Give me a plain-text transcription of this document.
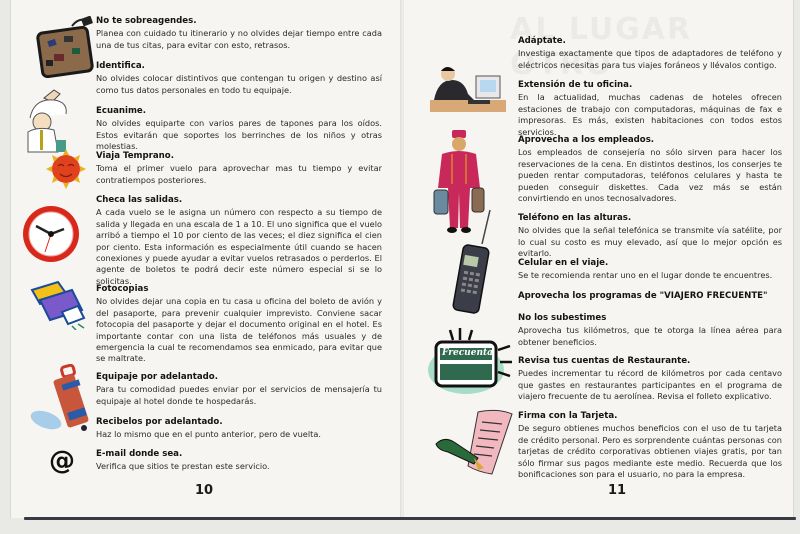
@
Frecuenta
No te sobreagendes.
Planea con cuidado tu itinerario y no olvides dejar tiempo entre cada una de tus citas, para evitar con esto, retrasos.
Identifica.
No olvides colocar distintivos que contengan tu origen y destino así como tus datos personales en todo tu equipaje.
Ecuanime.
No olvides equiparte con varios pares de tapones para los oídos. Estos evitarán que soportes los berrinches de los niños y otras molestias.
Viaja Temprano.
Toma el primer vuelo para aprovechar mas tu tiempo y evitar contratiempos posteriores.
Checa las salidas.
A cada vuelo se le asigna un número con respecto a su tiempo de salida y llegada en una escala de 1 a 10. El uno significa que el vuelo arribó a tiempo el 10 por ciento de las veces; el diez significa el cien por ciento. Esta información es especialmente útil cuando se hacen conexiones y puede ayudar a evitar vuelos retrasados o perderlos. El agente de boletos te podrá decir este número especial si se lo solicitas.
Fotocopias
No olvides dejar una copia en tu casa u oficina del boleto de avión y del pasaporte, para prevenir cualquier imprevisto. Conviene sacar fotocopia del pasaporte y dejar el documento original en el hotel. Es importante contar con una lista de teléfonos más usuales y de emergencia la cual te recomendamos sea enmicado, para evitar que se maltrate.
Equipaje por adelantado.
Para tu comodidad puedes enviar por el servicios de mensajería tu equipaje al hotel donde te hospedarás.
Recibelos por adelantado.
Haz lo mismo que en el punto anterior, pero de vuelta.
E-mail donde sea.
Verifica que sitios te prestan este servicio.
10
Adáptate.
Investiga exactamente que tipos de adaptadores de teléfono y eléctricos necesitas para tus viajes foráneos y llévalos contigo.
Extensión de tu oficina.
En la actualidad, muchas cadenas de hoteles ofrecen estaciones de trabajo con computadoras, máquinas de fax e impresoras. Es más, existen habitaciones con todos estos servicios.
Aprovecha a los empleados.
Los empleados de consejería no sólo sirven para hacer los reservaciones de la cena. En distintos destinos, los conserjes te pueden rentar computadoras, teléfonos celulares y hasta te pueden conseguir diskettes. Cada vez más se están convirtiendo en unos tecnosalvadores.
Teléfono en las alturas.
No olvides que la señal telefónica se transmite vía satélite, por lo cual su costo es muy elevado, así que lo mejor opción es evitarlo.
Celular en el viaje.
Se te recomienda rentar uno en el lugar donde te encuentres.
Aprovecha los programas de "VIAJERO FRECUENTE"
No los subestimes
Aprovecha tus kilómetros, que te otorga la línea aérea para obtener beneficios.
Revisa tus cuentas de Restaurante.
Puedes incrementar tu récord de kilómetros por cada centavo que gastes en restaurantes participantes en el programa de viajero frecuente de tu aerolínea. Revisa el folleto explicativo.
Firma con la Tarjeta.
De seguro obtienes muchos beneficios con el uso de tu tarjeta de crédito personal. Pero es sorprendente cuántas personas con tarjetas de crédito corporativas obtienen viajes gratis, por tan sólo firmar sus pagos mediante este medio. Recuerda que los bonificaciones son para el usuario, no para la empresa.
11
